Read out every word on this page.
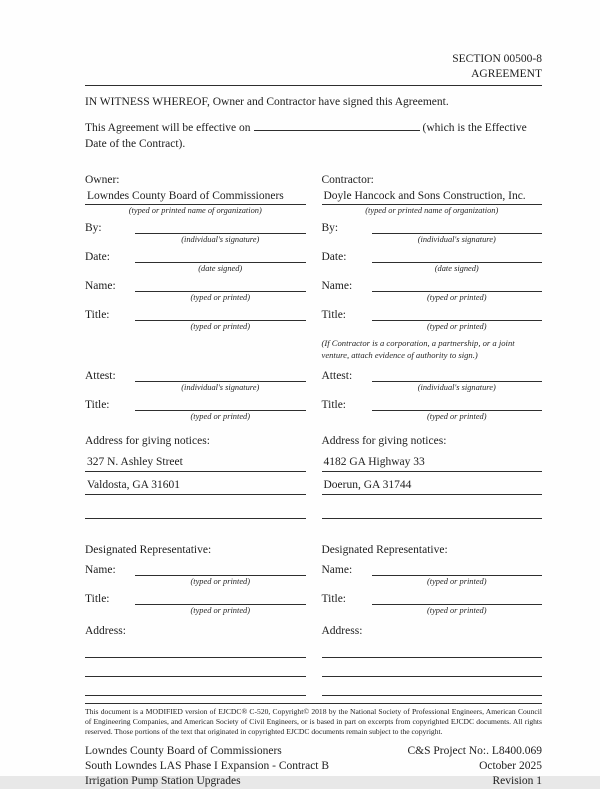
SECTION 00500-8
AGREEMENT

IN WITNESS WHEREOF, Owner and Contractor have signed this Agreement.

This Agreement will be effective on	(which is the Effective Date of the Contract).

Owner:
Lowndes County Board of Commissioners
(typed or printed name of organization)
By:
(individual's signature)
Date:
(date signed)
Name:
(typed or printed)
Title:
(typed or printed)
Attest:
(individual's signature)
Title:
(typed or printed)
Address for giving notices:
327 N. Ashley Street
Valdosta, GA 31601
Designated Representative:
Name:
(typed or printed)
Title:
(typed or printed)
Address:
Contractor:
Doyle Hancock and Sons Construction, Inc.
(typed or printed name of organization)
By:
(individual's signature)
Date:
(date signed)
Name:
(typed or printed)
Title:
(typed or printed)
(If Contractor is a corporation, a partnership, or a joint venture, attach evidence of authority to sign.)
Attest:
(individual's signature)
Title:
(typed or printed)
Address for giving notices:
4182 GA Highway 33
Doerun, GA 31744
Designated Representative:
Name:
(typed or printed)
Title:
(typed or printed)
Address:
This document is a MODIFIED version of EJCDC® C-520, Copyright© 2018 by the National Society of Professional Engineers, American Council of Engineering Companies, and American Society of Civil Engineers, or is based in part on excerpts from copyrighted EJCDC documents. All rights reserved. Those portions of the text that originated in copyrighted EJCDC documents remain subject to the copyright.
Lowndes County Board of Commissioners
South Lowndes LAS Phase I Expansion - Contract B
Irrigation Pump Station Upgrades
C&S Project No:. L8400.069
October 2025
Revision 1
